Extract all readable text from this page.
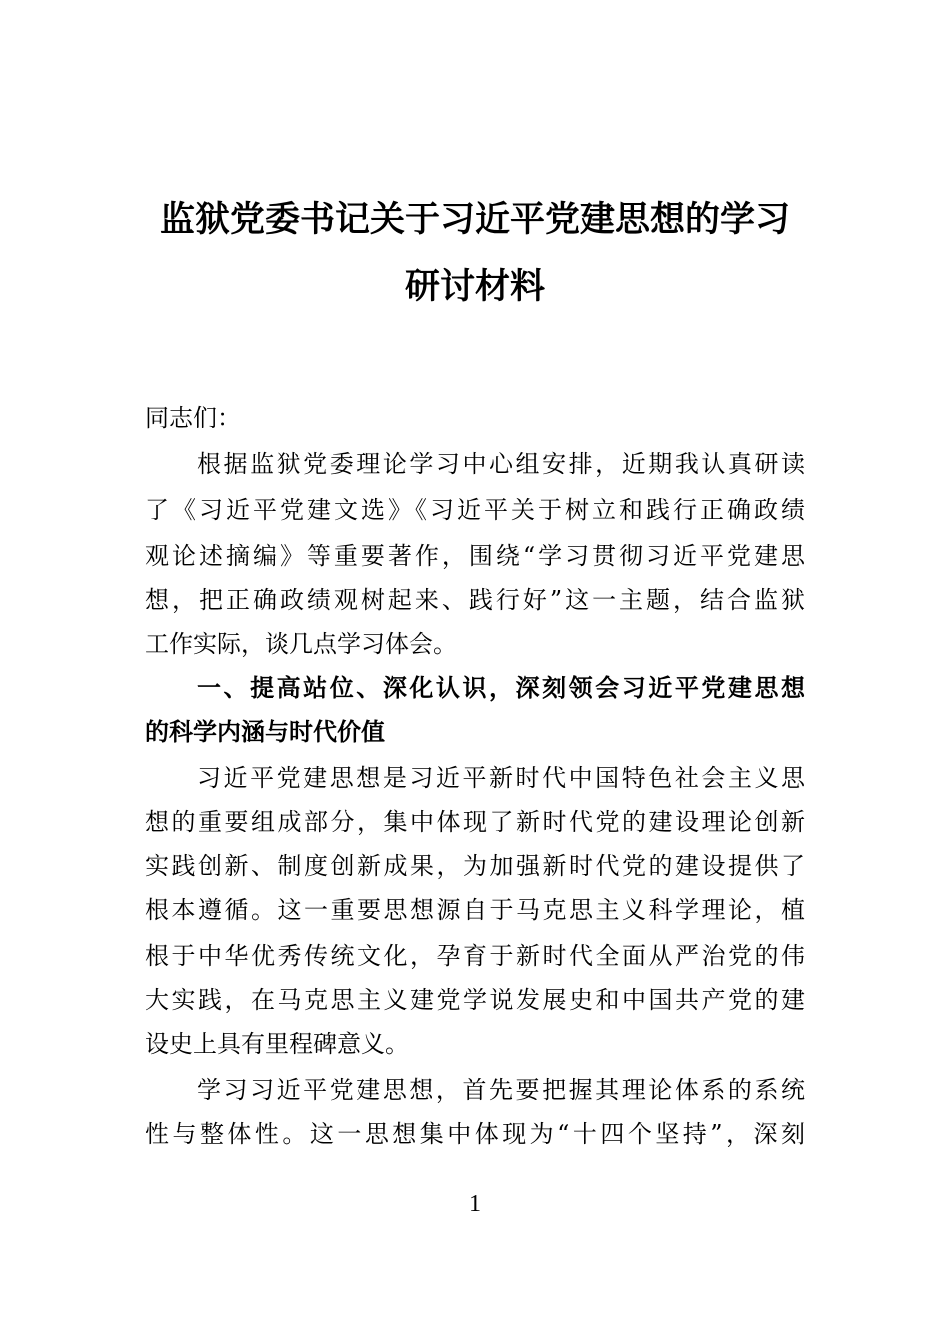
监狱党委书记关于习近平党建思想的学习
研讨材料
同志们：
根据监狱党委理论学习中心组安排，近期我认真研读
了《习近平党建文选》《习近平关于树立和践行正确政绩
观论述摘编》等重要著作，围绕“学习贯彻习近平党建思
想，把正确政绩观树起来、践行好”这一主题，结合监狱
工作实际，谈几点学习体会。
一、提高站位、深化认识，深刻领会习近平党建思想
的科学内涵与时代价值
习近平党建思想是习近平新时代中国特色社会主义思
想的重要组成部分，集中体现了新时代党的建设理论创新
实践创新、制度创新成果，为加强新时代党的建设提供了
根本遵循。这一重要思想源自于马克思主义科学理论，植
根于中华优秀传统文化，孕育于新时代全面从严治党的伟
大实践，在马克思主义建党学说发展史和中国共产党的建
设史上具有里程碑意义。
学习习近平党建思想，首先要把握其理论体系的系统
性与整体性。这一思想集中体现为“十四个坚持”，深刻
1
